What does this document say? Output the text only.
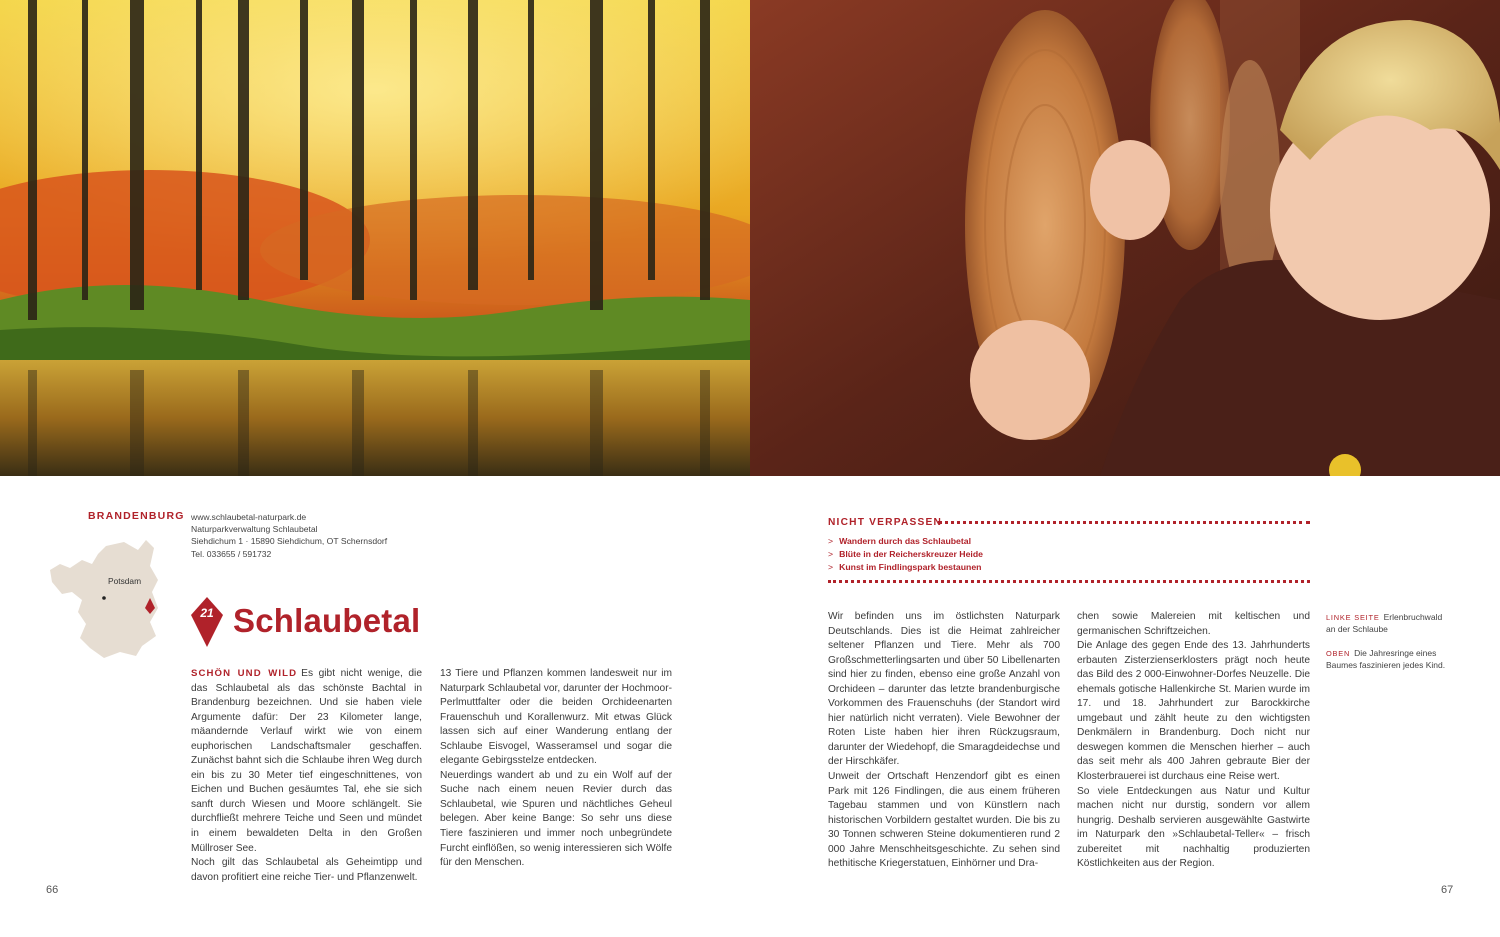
BRANDENBURG www.schlaubetal-naturpark.de
Naturparkverwaltung Schlaubetal
Siehdichum 1 · 15890 Siehdichum, OT Schernsdorf
Tel. 033655 / 591732
Potsdam
21 Schlaubetal

SCHÖN UND WILD Es gibt nicht wenige, die das Schlaubetal als das schönste Bachtal in Brandenburg bezeichnen. Und sie haben viele Argumente dafür: Der 23 Kilometer lange, mäandernde Verlauf wirkt wie von einem euphorischen Landschaftsmaler geschaffen. Zunächst bahnt sich die Schlaube ihren Weg durch ein bis zu 30 Meter tief eingeschnittenes, von Eichen und Buchen gesäumtes Tal, ehe sie sich sanft durch Wiesen und Moore schlängelt. Sie durchfließt mehrere Teiche und Seen und mündet in einem bewaldeten Delta in den Großen Müllroser See.

Noch gilt das Schlaubetal als Geheimtipp und davon profitiert eine reiche Tier- und Pflanzenwelt.

13 Tiere und Pflanzen kommen landesweit nur im Naturpark Schlaubetal vor, darunter der Hochmoor-Perlmuttfalter oder die beiden Orchideenarten Frauenschuh und Korallenwurz. Mit etwas Glück lassen sich auf einer Wanderung entlang der Schlaube Eisvogel, Wasseramsel und sogar die elegante Gebirgsstelze entdecken.

Neuerdings wandert ab und zu ein Wolf auf der Suche nach einem neuen Revier durch das Schlaubetal, wie Spuren und nächtliches Geheul belegen. Aber keine Bange: So sehr uns diese Tiere faszinieren und immer noch unbegründete Furcht einflößen, so wenig interessieren sich Wölfe für den Menschen.

66
NICHT VERPASSEN
> Wandern durch das Schlaubetal
> Blüte in der Reicherskreuzer Heide
> Kunst im Findlingspark bestaunen

Wir befinden uns im östlichsten Naturpark Deutschlands. Dies ist die Heimat zahlreicher seltener Pflanzen und Tiere. Mehr als 700 Großschmetterlingsarten und über 50 Libellenarten sind hier zu finden, ebenso eine große Anzahl von Orchideen – darunter das letzte brandenburgische Vorkommen des Frauenschuhs (der Standort wird hier natürlich nicht verraten). Viele Bewohner der Roten Liste haben hier ihren Rückzugsraum, darunter der Wiedehopf, die Smaragdeidechse und der Hirschkäfer.

Unweit der Ortschaft Henzendorf gibt es einen Park mit 126 Findlingen, die aus einem früheren Tagebau stammen und von Künstlern nach historischen Vorbildern gestaltet wurden. Die bis zu 30 Tonnen schweren Steine dokumentieren rund 2 000 Jahre Menschheitsgeschichte. Zu sehen sind hethitische Kriegerstatuen, Einhörner und Dra-

chen sowie Malereien mit keltischen und germanischen Schriftzeichen.

Die Anlage des gegen Ende des 13. Jahrhunderts erbauten Zisterzienserklosters prägt noch heute das Bild des 2 000-Einwohner-Dorfes Neuzelle. Die ehemals gotische Hallenkirche St. Marien wurde im 17. und 18. Jahrhundert zur Barockkirche umgebaut und zählt heute zu den wichtigsten Denkmälern in Brandenburg. Doch nicht nur deswegen kommen die Menschen hierher – auch das seit mehr als 400 Jahren gebraute Bier der Klosterbrauerei ist durchaus eine Reise wert.

So viele Entdeckungen aus Natur und Kultur machen nicht nur durstig, sondern vor allem hungrig. Deshalb servieren ausgewählte Gastwirte im Naturpark den »Schlaubetal-Teller« – frisch zubereitet mit nachhaltig produzierten Köstlichkeiten aus der Region.

LINKE SEITE Erlenbruchwald an der Schlaube
OBEN Die Jahresringe eines Baumes faszinieren jedes Kind.
67
